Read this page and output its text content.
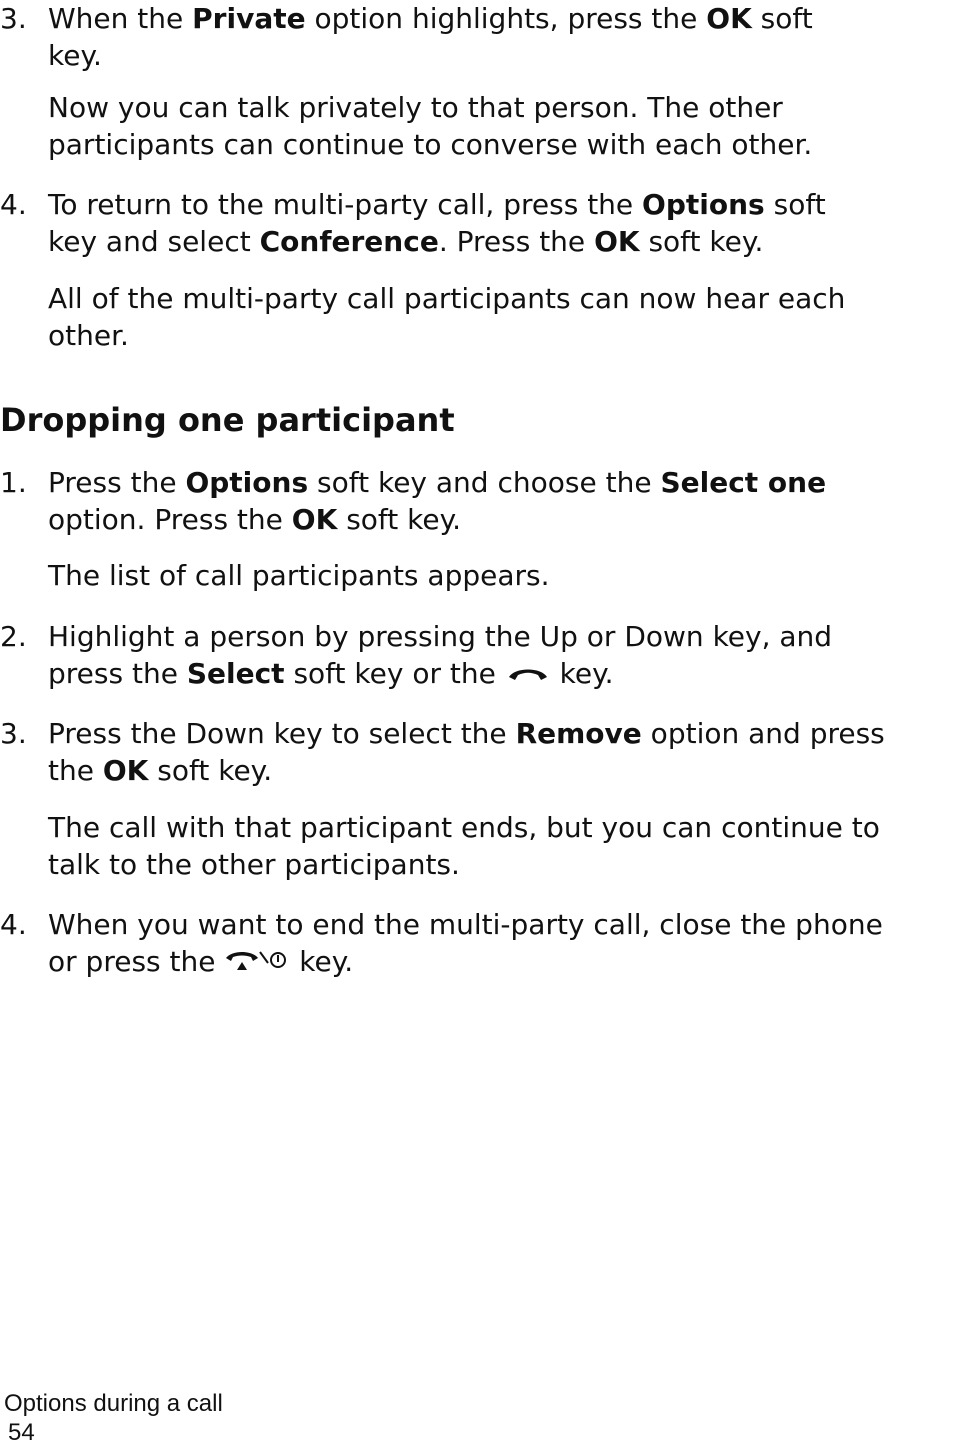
3. When the Private option highlights, press the OK soft
key.
Now you can talk privately to that person. The other participants can continue to converse with each other.
4. To return to the multi-party call, press the Options soft
key and select Conference. Press the OK soft key.
All of the multi-party call participants can now hear each other.
Dropping one participant
1. Press the Options soft key and choose the Select one option. Press the OK soft key.
The list of call participants appears.
2. Highlight a person by pressing the Up or Down key, and press the Select soft key or the  key.
3. Press the Down key to select the Remove option and press the OK soft key.
The call with that participant ends, but you can continue to talk to the other participants.
4. When you want to end the multi-party call, close the phone or press the  key.
Options during a call
54
